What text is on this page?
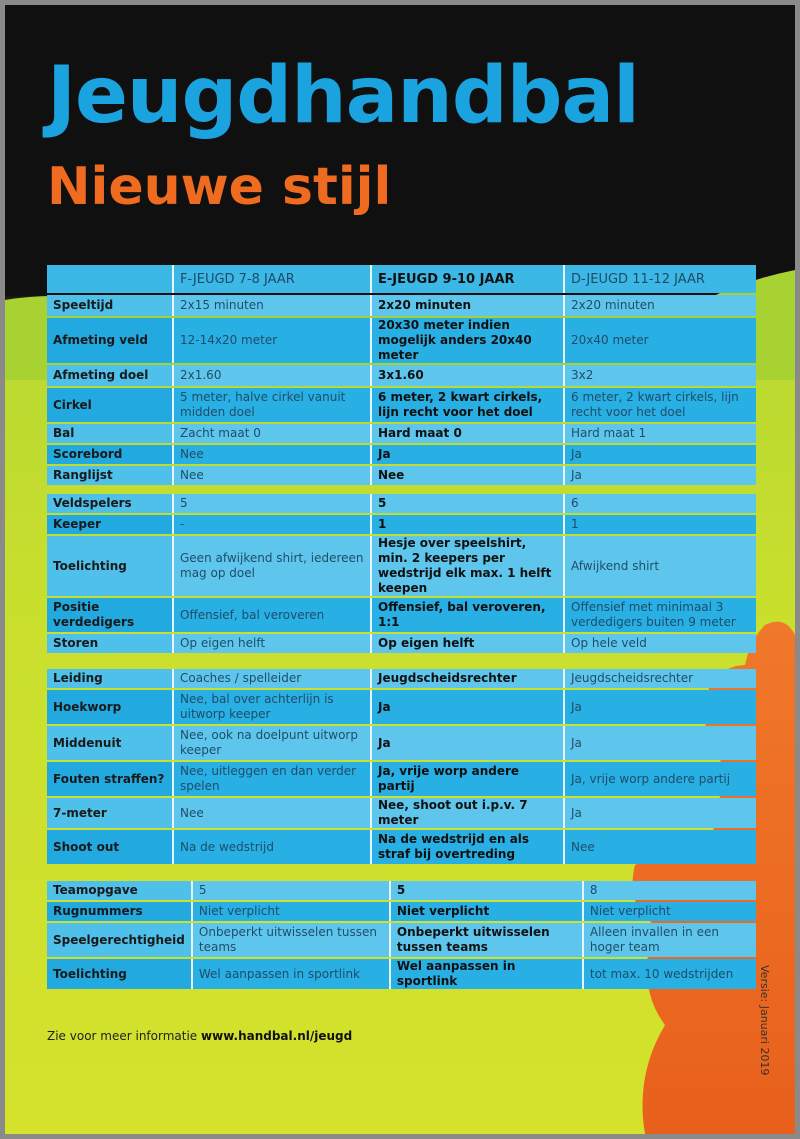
Jeugdhandbal
Nieuwe stijl
	F-JEUGD 7-8 JAAR	E-JEUGD 9-10 JAAR	D-JEUGD 11-12 JAAR
Speeltijd	2x15 minuten	2x20 minuten	2x20 minuten
Afmeting veld	12-14x20 meter	20x30 meter indien mogelijk anders 20x40 meter	20x40 meter
Afmeting doel	2x1.60	3x1.60	3x2
Cirkel	5 meter, halve cirkel vanuit midden doel	6 meter, 2 kwart cirkels, lijn recht voor het doel	6 meter, 2 kwart cirkels, lijn recht voor het doel
Bal	Zacht maat 0	Hard maat 0	Hard maat 1
Scorebord	Nee	Ja	Ja
Ranglijst	Nee	Nee	Ja
Veldspelers	5	5	6
Keeper	-	1	1
Toelichting	Geen afwijkend shirt, iedereen mag op doel	Hesje over speelshirt, min. 2 keepers per wedstrijd elk max. 1 helft keepen	Afwijkend shirt
Positie verdedigers	Offensief, bal veroveren	Offensief, bal veroveren, 1:1	Offensief met minimaal 3 verdedigers buiten 9 meter
Storen	Op eigen helft	Op eigen helft	Op hele veld
Leiding	Coaches / spelleider	Jeugdscheidsrechter	Jeugdscheidsrechter
Hoekworp	Nee, bal over achterlijn is uitworp keeper	Ja	Ja
Middenuit	Nee, ook na doelpunt uitworp keeper	Ja	Ja
Fouten straffen?	Nee, uitleggen en dan verder spelen	Ja, vrije worp andere partij	Ja, vrije worp andere partij
7-meter	Nee	Nee, shoot out i.p.v. 7 meter	Ja
Shoot out	Na de wedstrijd	Na de wedstrijd en als straf bij overtreding	Nee
Teamopgave	5	5	8
Rugnummers	Niet verplicht	Niet verplicht	Niet verplicht
Speelgerechtigheid	Onbeperkt uitwisselen tussen teams	Onbeperkt uitwisselen tussen teams	Alleen invallen in een hoger team
Toelichting	Wel aanpassen in sportlink	Wel aanpassen in sportlink	tot max. 10 wedstrijden
Zie voor meer informatie www.handbal.nl/jeugd	Versie: Januari 2019
